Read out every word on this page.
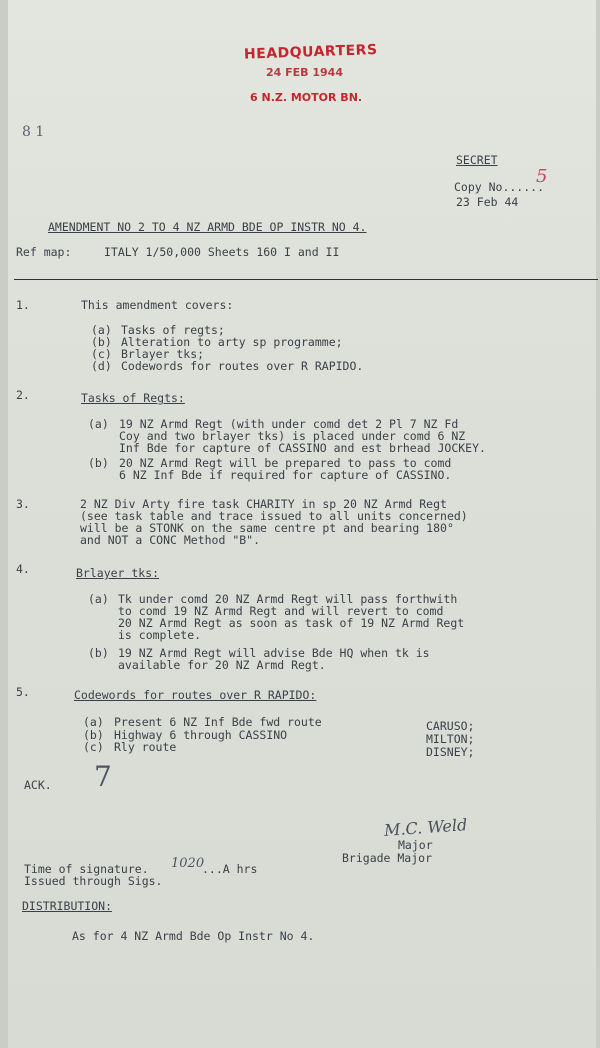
HEADQUARTERS
24 FEB 1944
6 N.Z. MOTOR BN.
8 1
SECRET
Copy No......
5
23 Feb 44
AMENDMENT NO 2 TO 4 NZ ARMD BDE OP INSTR NO 4.
Ref map:	ITALY 1/50,000 Sheets 160 I and II
1.	This amendment covers:
(a) Tasks of regts;
(b) Alteration to arty sp programme;
(c) Brlayer tks;
(d) Codewords for routes over R RAPIDO.
2.	Tasks of Regts:
(a) 19 NZ Armd Regt (with under comd det 2 Pl 7 NZ Fd
Coy and two brlayer tks) is placed under comd 6 NZ
Inf Bde for capture of CASSINO and est brhead JOCKEY.
(b) 20 NZ Armd Regt will be prepared to pass to comd
6 NZ Inf Bde if required for capture of CASSINO.
3.	2 NZ Div Arty fire task CHARITY in sp 20 NZ Armd Regt
(see task table and trace issued to all units concerned)
will be a STONK on the same centre pt and bearing 180°
and NOT a CONC Method "B".
4.	Brlayer tks:
(a) Tk under comd 20 NZ Armd Regt will pass forthwith
to comd 19 NZ Armd Regt and will revert to comd
20 NZ Armd Regt as soon as task of 19 NZ Armd Regt
is complete.
(b) 19 NZ Armd Regt will advise Bde HQ when tk is
available for 20 NZ Armd Regt.
5.	Codewords for routes over R RAPIDO:
(a) Present 6 NZ Inf Bde fwd route	CARUSO;
(b) Highway 6 through CASSINO	MILTON;
(c) Rly route	DISNEY;
ACK. 7
M.C. Weld
Major
Brigade Major
Time of signature. 1020
...A hrs
Issued through Sigs.
DISTRIBUTION:
As for 4 NZ Armd Bde Op Instr No 4.
